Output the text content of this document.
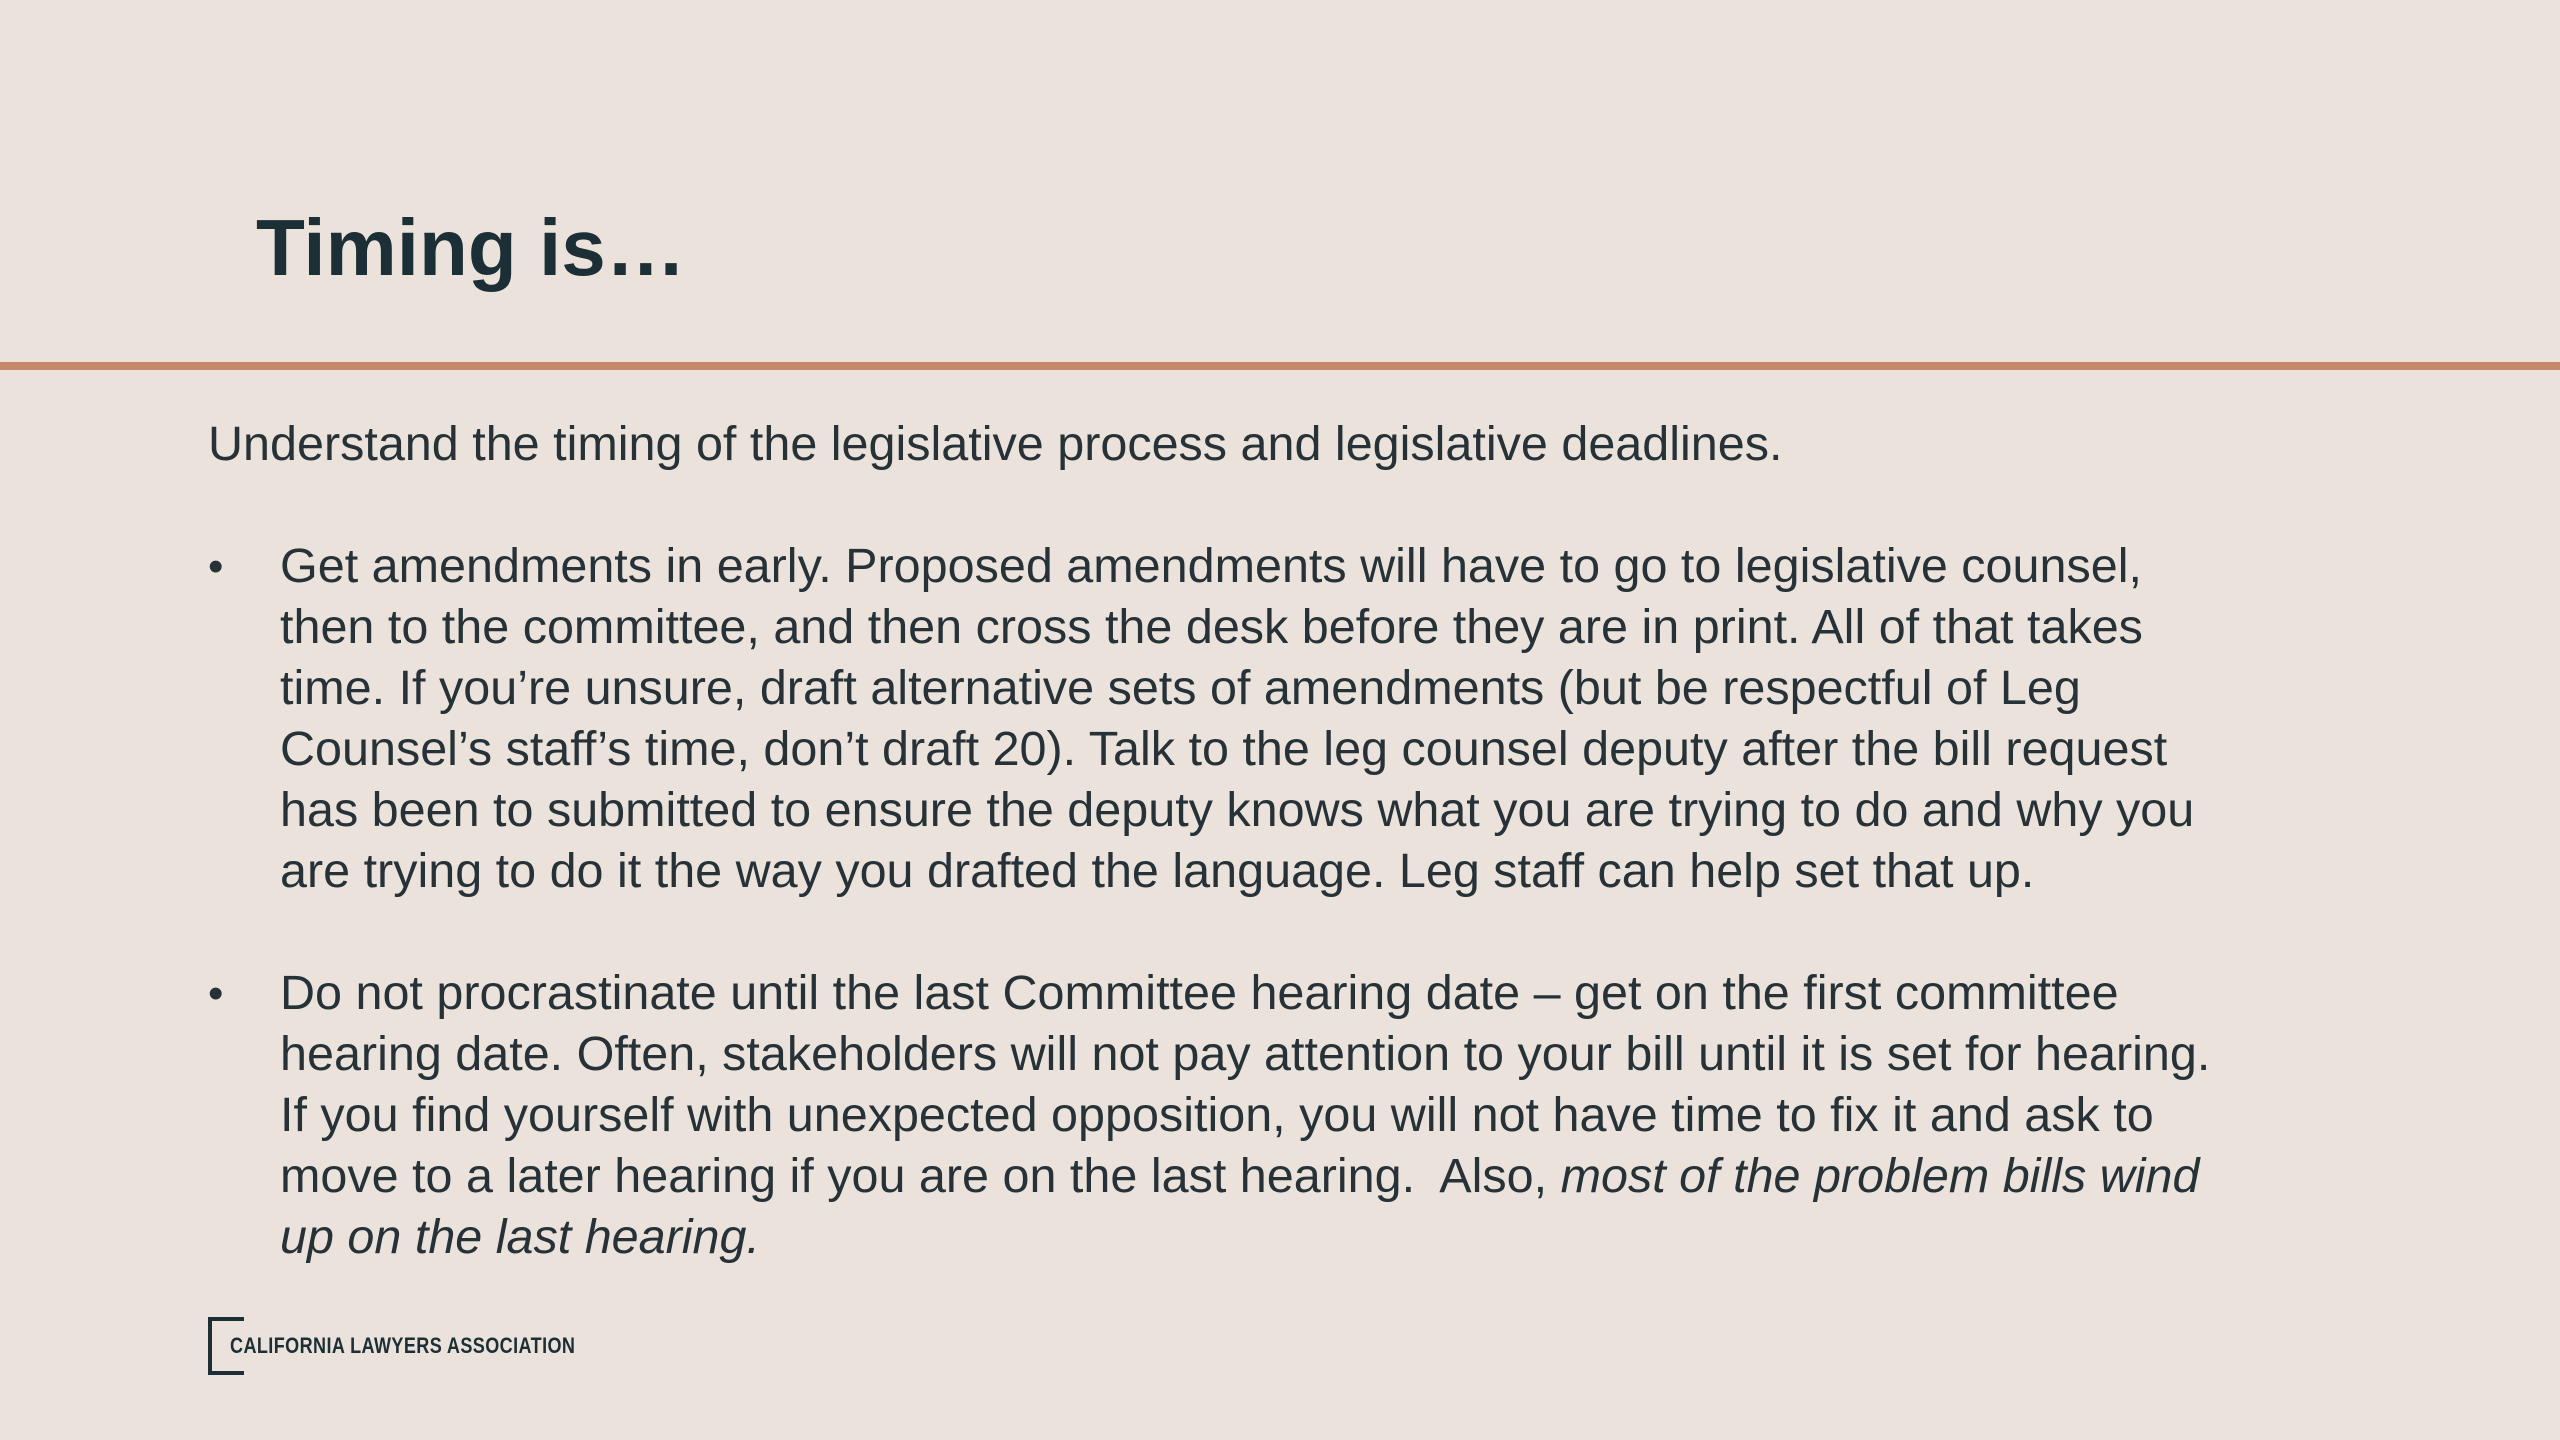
Timing is…

Understand the timing of the legislative process and legislative deadlines.

• Get amendments in early. Proposed amendments will have to go to legislative counsel,
then to the committee, and then cross the desk before they are in print. All of that takes
time. If you’re unsure, draft alternative sets of amendments (but be respectful of Leg
Counsel’s staff’s time, don’t draft 20). Talk to the leg counsel deputy after the bill request
has been to submitted to ensure the deputy knows what you are trying to do and why you
are trying to do it the way you drafted the language. Leg staff can help set that up.
• Do not procrastinate until the last Committee hearing date – get on the first committee
hearing date. Often, stakeholders will not pay attention to your bill until it is set for hearing.
If you find yourself with unexpected opposition, you will not have time to fix it and ask to
move to a later hearing if you are on the last hearing.  Also, most of the problem bills wind
up on the last hearing.
CALIFORNIA LAWYERS ASSOCIATION
